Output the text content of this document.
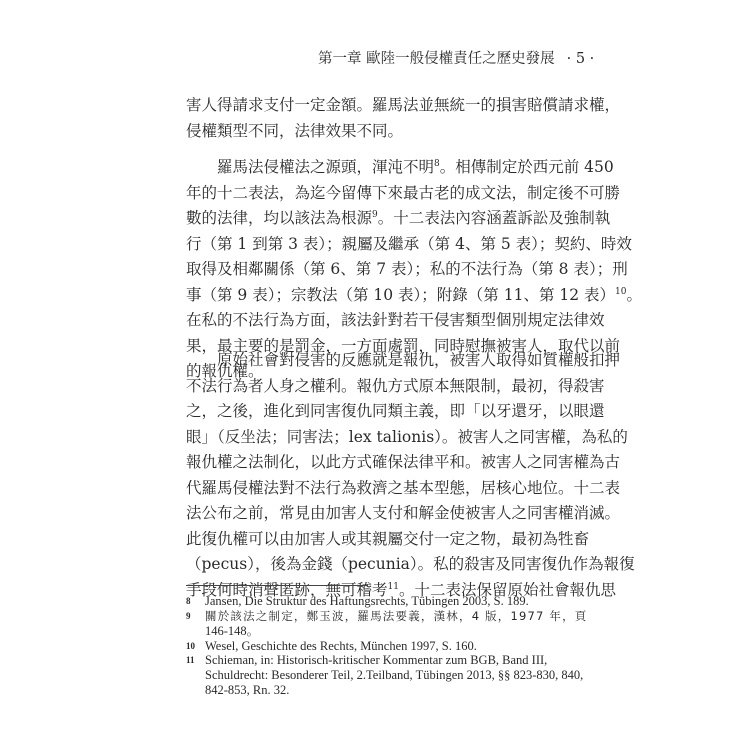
第一章 歐陸一般侵權責任之歷史發展 · 5 ·
害人得請求支付一定金額。羅馬法並無統一的損害賠償請求權，
侵權類型不同，法律效果不同。
羅馬法侵權法之源頭，渾沌不明$^8$。相傳制定於西元前 450
年的十二表法，為迄今留傳下來最古老的成文法，制定後不可勝
數的法律，均以該法為根源$^9$。十二表法內容涵蓋訴訟及強制執
行（第 1 到第 3 表）；親屬及繼承（第 4、第 5 表）；契約、時效
取得及相鄰關係（第 6、第 7 表）；私的不法行為（第 8 表）；刑
事（第 9 表）；宗教法（第 10 表）；附錄（第 11、第 12 表）$^{10}$。
在私的不法行為方面，該法針對若干侵害類型個別規定法律效
果，最主要的是罰金，一方面處罰，同時慰撫被害人，取代以前
的報仇權。
原始社會對侵害的反應就是報仇，被害人取得如質權般扣押
不法行為者人身之權利。報仇方式原本無限制，最初，得殺害
之，之後，進化到同害復仇同類主義，即「以牙還牙，以眼還
眼」（反坐法；同害法；lex talionis）。被害人之同害權，為私的
報仇權之法制化，以此方式確保法律平和。被害人之同害權為古
代羅馬侵權法對不法行為救濟之基本型態，居核心地位。十二表
法公布之前，常見由加害人支付和解金使被害人之同害權消滅。
此復仇權可以由加害人或其親屬交付一定之物，最初為牲畜
（pecus），後為金錢（pecunia）。私的殺害及同害復仇作為報復
手段何時消聲匿跡，無可稽考$^{11}$。十二表法保留原始社會報仇思
8 Jansen, Die Struktur des Haftungsrechts, Tübingen 2003, S. 189.
9 關於該法之制定，鄭玉波，羅馬法要義，漢林，4 版，1977 年，頁
146-148。
10 Wesel, Geschichte des Rechts, München 1997, S. 160.
11 Schieman, in: Historisch-kritischer Kommentar zum BGB, Band III,
Schuldrecht: Besonderer Teil, 2.Teilband, Tübingen 2013, §§ 823-830, 840,
842-853, Rn. 32.
